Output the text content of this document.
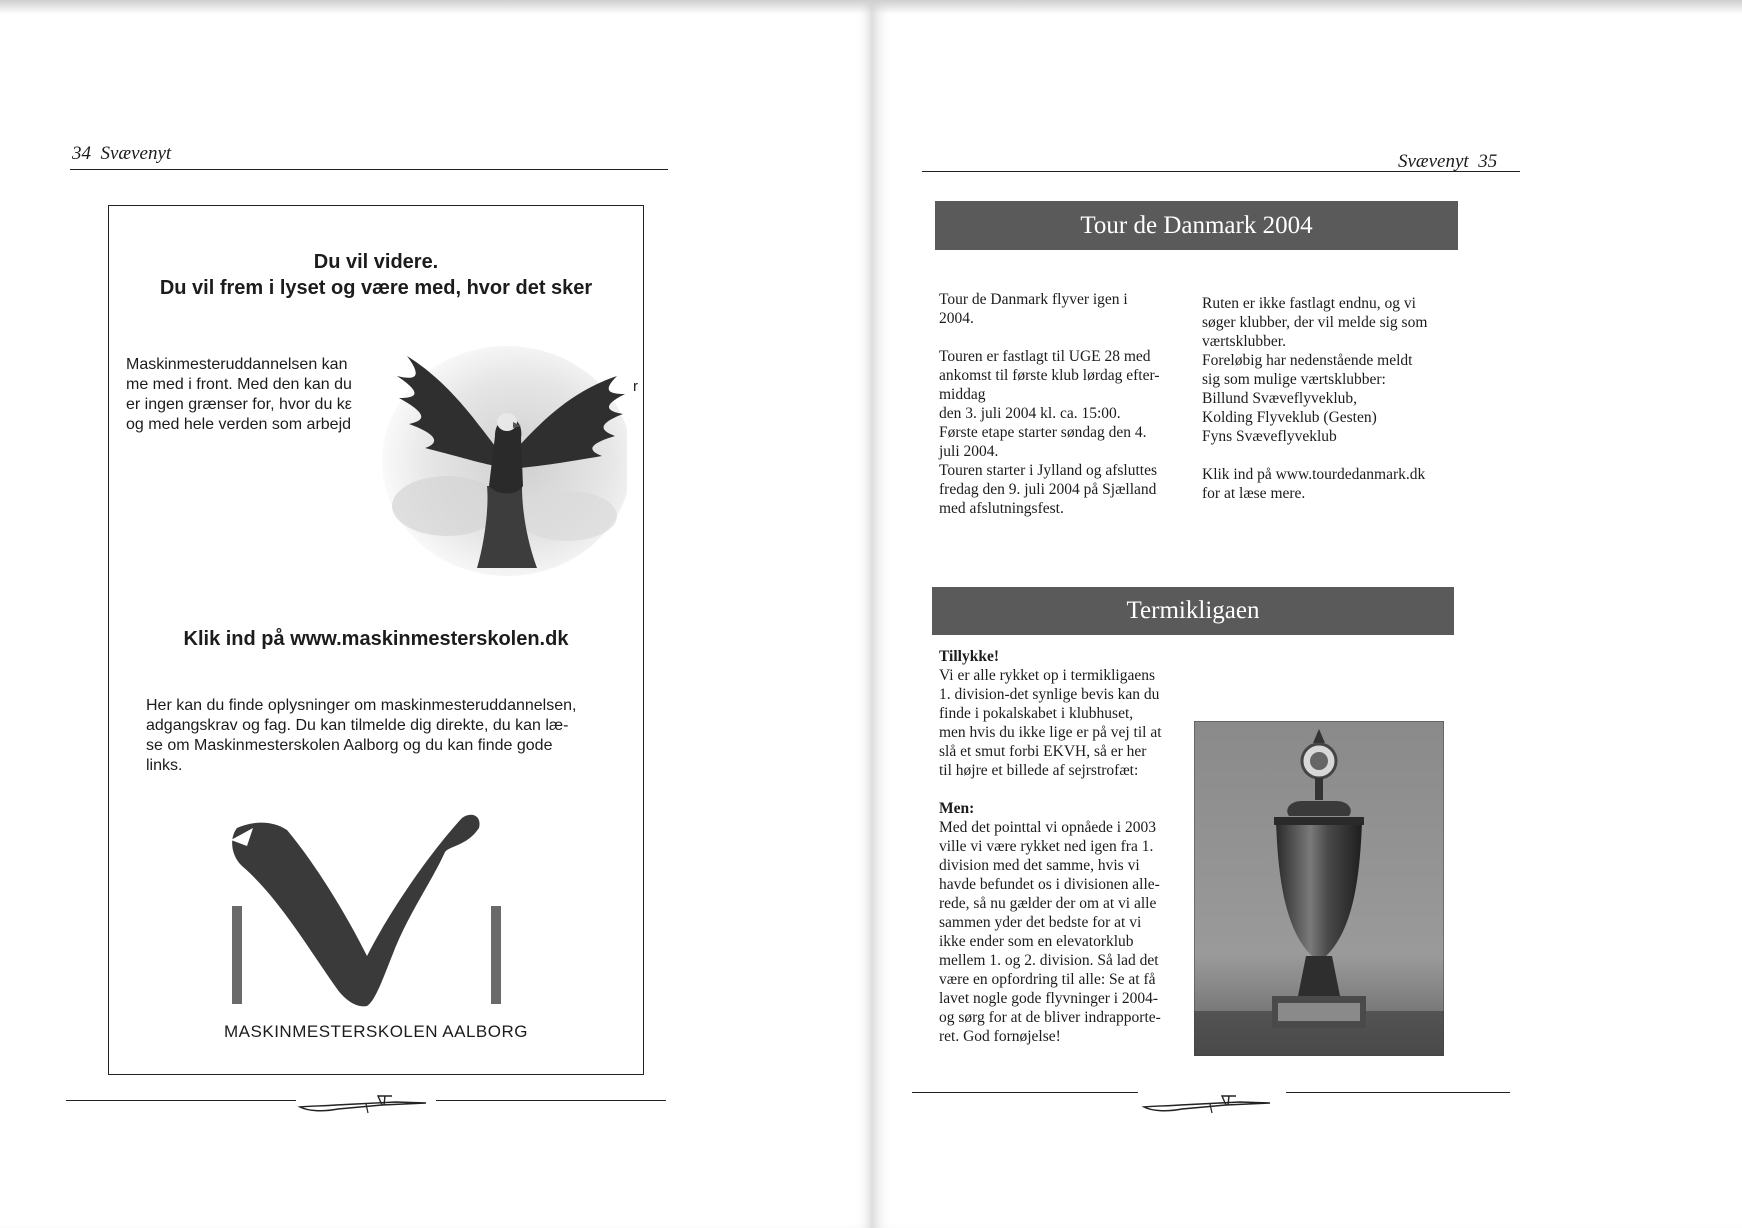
34 Svævenyt
Du vil videre.
Du vil frem i lyset og være med, hvor det sker
Maskinmesteruddannelsen kan
me med i front. Med den kan du
er ingen grænser for, hvor du kε
og med hele verden som arbejd
r
Klik ind på www.maskinmesterskolen.dk
Her kan du finde oplysninger om maskinmesteruddannelsen,
adgangskrav og fag. Du kan tilmelde dig direkte, du kan læ-
se om Maskinmesterskolen Aalborg og du kan finde gode
links.
MASKINMESTERSKOLEN AALBORG
Svævenyt 35
Tour de Danmark 2004

Tour de Danmark flyver igen i

2004.

Touren er fastlagt til UGE 28 med

ankomst til første klub lørdag efter-

middag

den 3. juli 2004 kl. ca. 15:00.

Første etape starter søndag den 4.

juli 2004.

Touren starter i Jylland og afsluttes

fredag den 9. juli 2004 på Sjælland

med afslutningsfest.

Ruten er ikke fastlagt endnu, og vi

søger klubber, der vil melde sig som

værtsklubber.

Foreløbig har nedenstående meldt

sig som mulige værtsklubber:

Billund Svæveflyveklub,

Kolding Flyveklub (Gesten)

Fyns Svæveflyveklub

Klik ind på www.tourdedanmark.dk

for at læse mere.

Termikligaen

Tillykke!

Vi er alle rykket op i termikligaens

1. division-det synlige bevis kan du

finde i pokalskabet i klubhuset,

men hvis du ikke lige er på vej til at

slå et smut forbi EKVH, så er her

til højre et billede af sejrstrofæt:

Men:

Med det pointtal vi opnåede i 2003

ville vi være rykket ned igen fra 1.

division med det samme, hvis vi

havde befundet os i divisionen alle-

rede, så nu gælder der om at vi alle

sammen yder det bedste for at vi

ikke ender som en elevatorklub

mellem 1. og 2. division. Så lad det

være en opfordring til alle: Se at få

lavet nogle gode flyvninger i 2004-

og sørg for at de bliver indrapporte-

ret. God fornøjelse!
